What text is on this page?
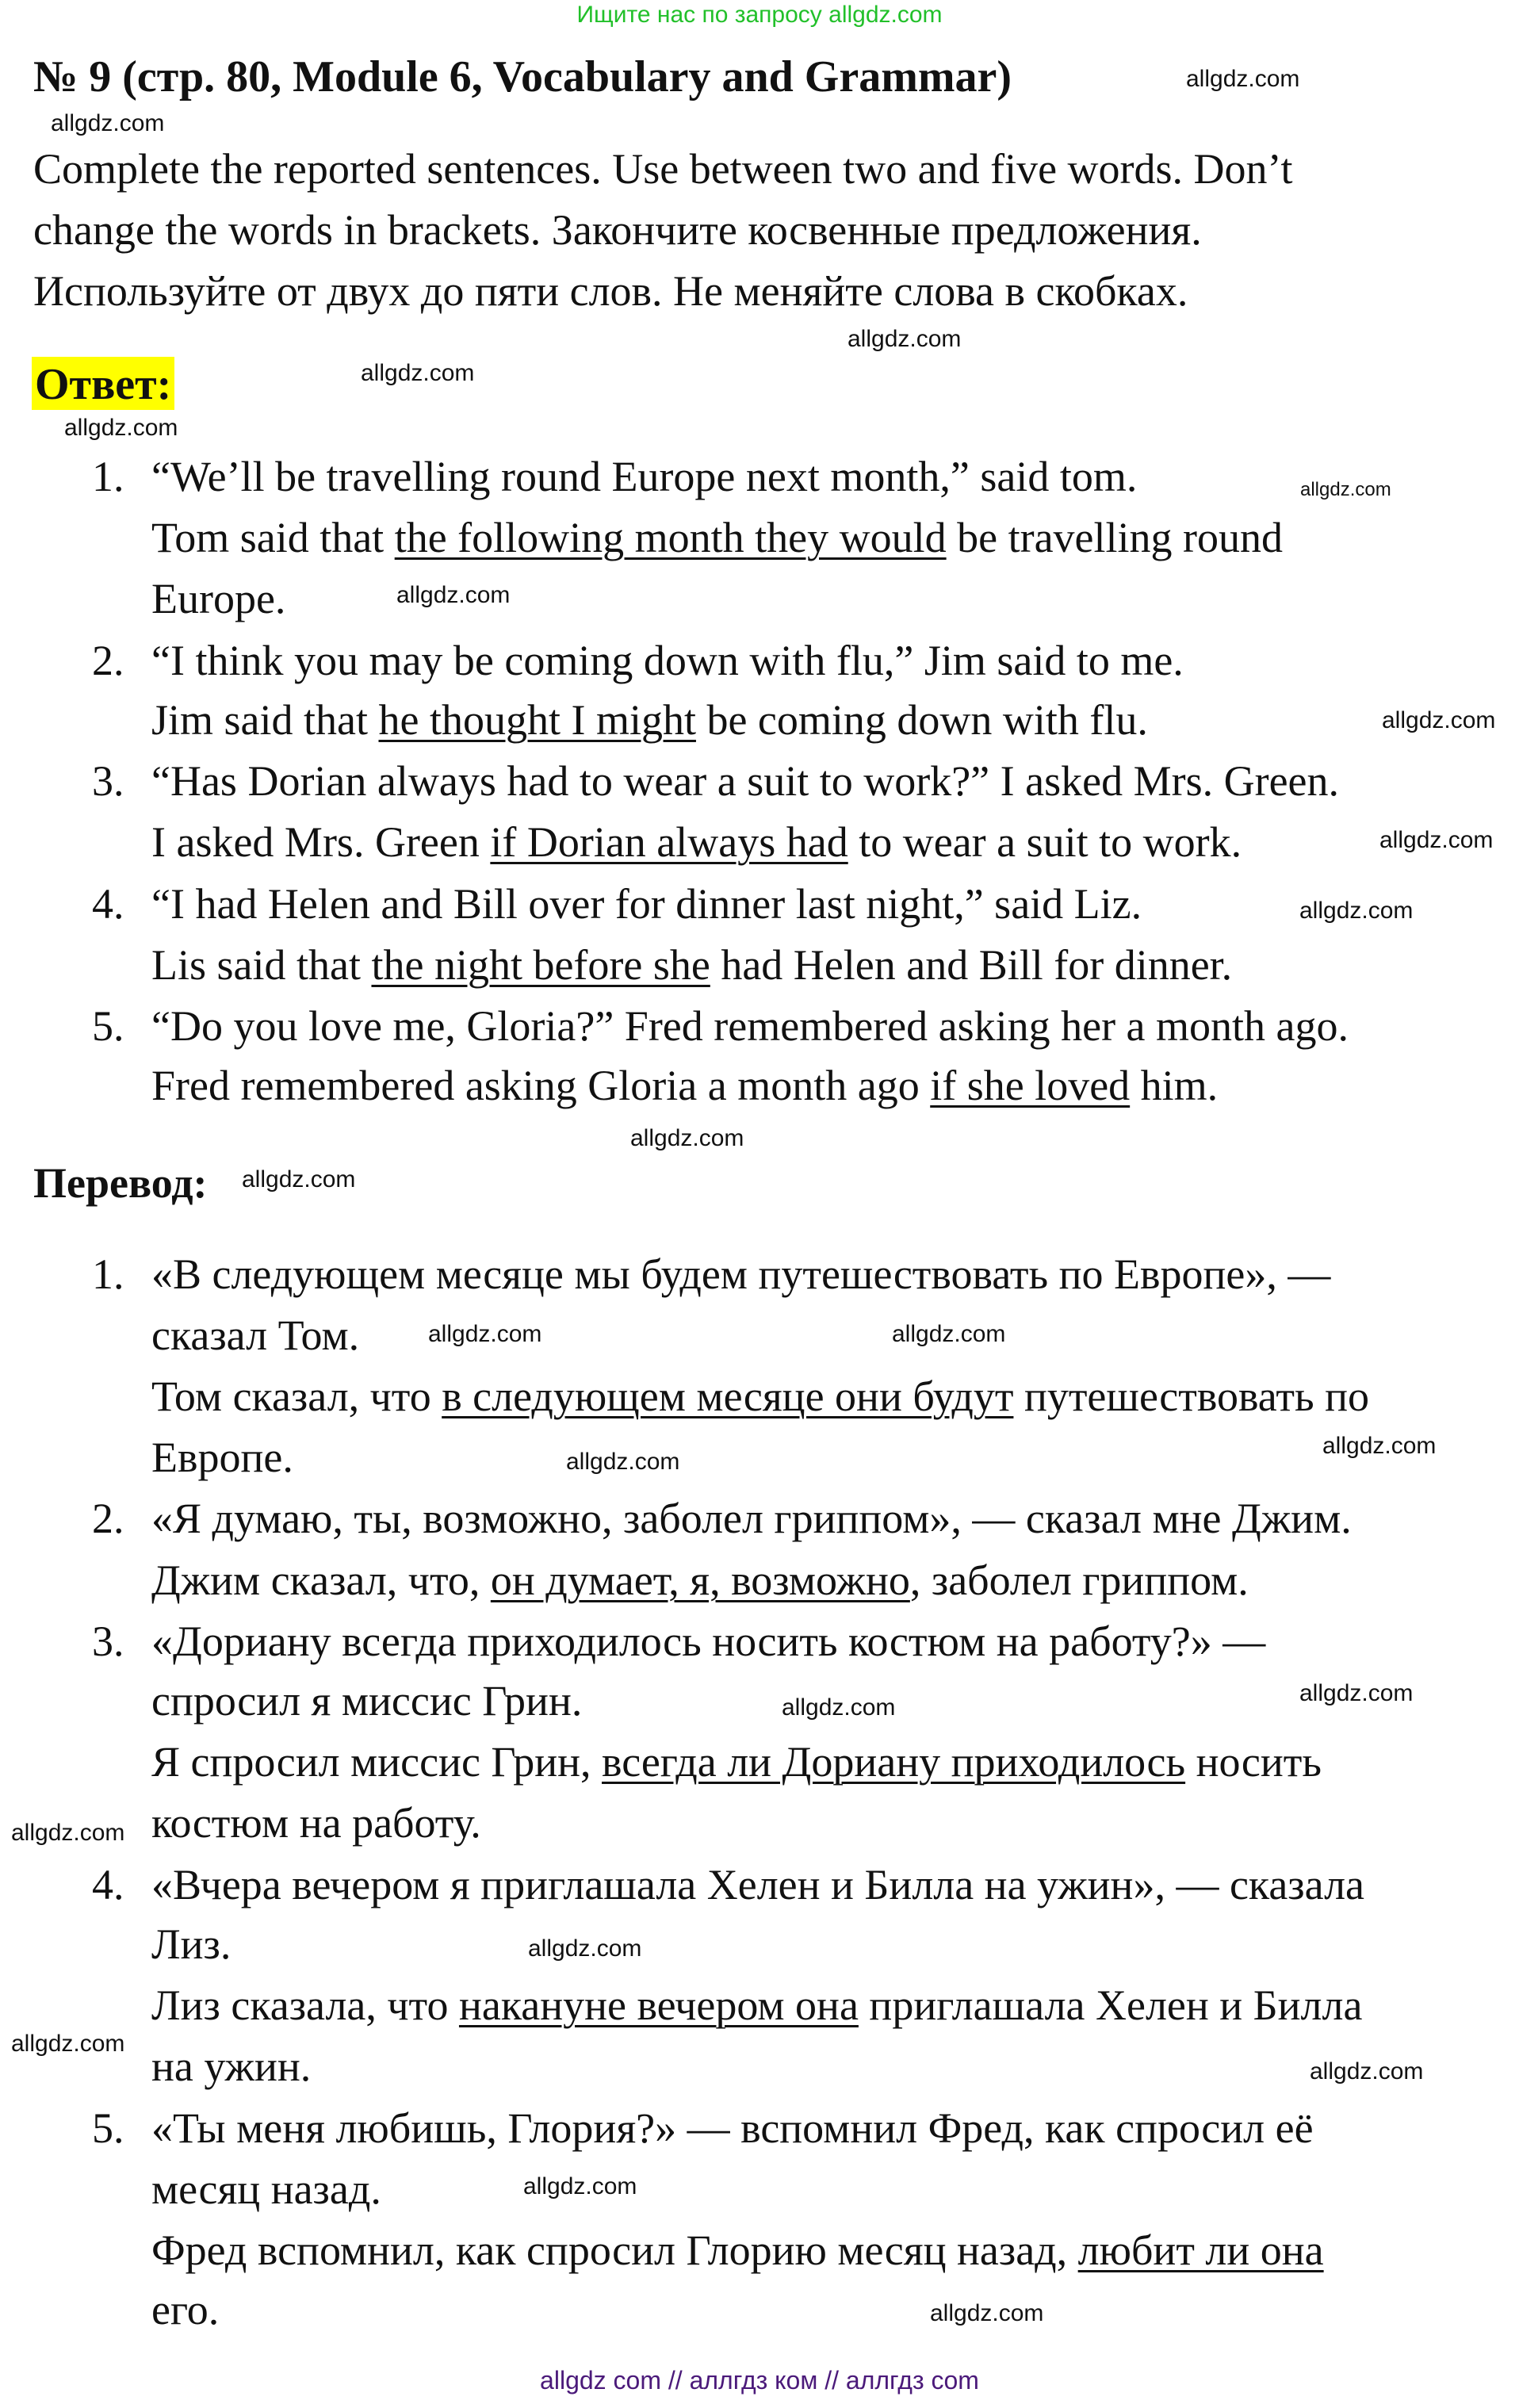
Ищите нас по запросу allgdz.com
№ 9 (стр. 80, Module 6, Vocabulary and Grammar)
Complete the reported sentences. Use between two and five words. Don’t
change the words in brackets. Закончите косвенные предложения.
Используйте от двух до пяти слов. Не меняйте слова в скобках.
Ответ:
Перевод:
1. “We’ll be travelling round Europe next month,” said tom.
Tom said that the following month they would be travelling round
Europe.
2. “I think you may be coming down with flu,” Jim said to me.
Jim said that he thought I might be coming down with flu.
3. “Has Dorian always had to wear a suit to work?” I asked Mrs. Green.
I asked Mrs. Green if Dorian always had to wear a suit to work.
4. “I had Helen and Bill over for dinner last night,” said Liz.
Lis said that the night before she had Helen and Bill for dinner.
5. “Do you love me, Gloria?” Fred remembered asking her a month ago.
Fred remembered asking Gloria a month ago if she loved him.
1. «В следующем месяце мы будем путешествовать по Европе», —
сказал Том.
Том сказал, что в следующем месяце они будут путешествовать по
Европе.
2. «Я думаю, ты, возможно, заболел гриппом», — сказал мне Джим.
Джим сказал, что, он думает, я, возможно, заболел гриппом.
3. «Дориану всегда приходилось носить костюм на работу?» —
спросил я миссис Грин.
Я спросил миссис Грин, всегда ли Дориану приходилось носить
костюм на работу.
4. «Вчера вечером я приглашала Хелен и Билла на ужин», — сказала
Лиз.
Лиз сказала, что накануне вечером она приглашала Хелен и Билла
на ужин.
5. «Ты меня любишь, Глория?» — вспомнил Фред, как спросил её
месяц назад.
Фред вспомнил, как спросил Глорию месяц назад, любит ли она
его.
allgdz.com
allgdz.com
allgdz.com
allgdz.com
allgdz.com
allgdz.com
allgdz.com
allgdz.com
allgdz.com
allgdz.com
allgdz.com
allgdz.com
allgdz.com
allgdz.com
allgdz.com
allgdz.com
allgdz.com
allgdz.com
allgdz.com
allgdz.com
allgdz.com
allgdz.com
allgdz.com
allgdz.com
allgdz com // аллгдз ком // аллгдз com
